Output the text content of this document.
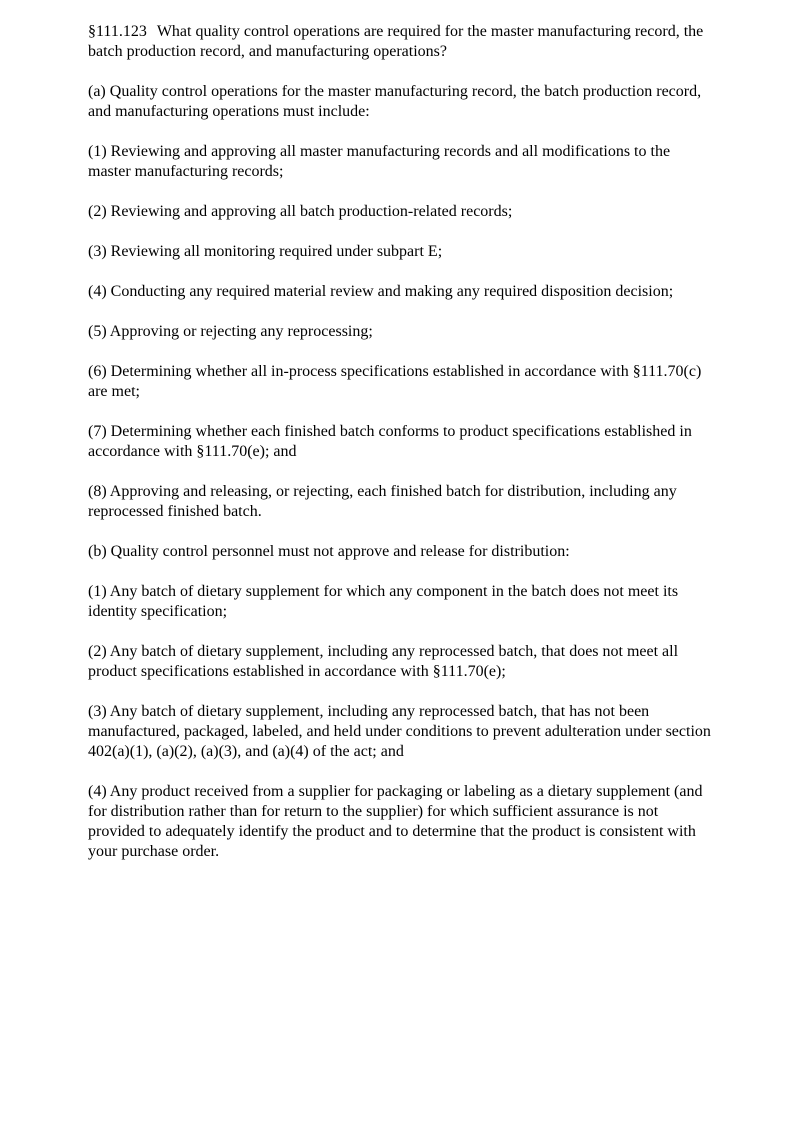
§111.123 What quality control operations are required for the master manufacturing record, the batch production record, and manufacturing operations?

(a) Quality control operations for the master manufacturing record, the batch production record, and manufacturing operations must include:

(1) Reviewing and approving all master manufacturing records and all modifications to the master manufacturing records;

(2) Reviewing and approving all batch production-related records;

(3) Reviewing all monitoring required under subpart E;

(4) Conducting any required material review and making any required disposition decision;

(5) Approving or rejecting any reprocessing;

(6) Determining whether all in-process specifications established in accordance with §111.70(c) are met;

(7) Determining whether each finished batch conforms to product specifications established in accordance with §111.70(e); and

(8) Approving and releasing, or rejecting, each finished batch for distribution, including any reprocessed finished batch.

(b) Quality control personnel must not approve and release for distribution:

(1) Any batch of dietary supplement for which any component in the batch does not meet its identity specification;

(2) Any batch of dietary supplement, including any reprocessed batch, that does not meet all product specifications established in accordance with §111.70(e);

(3) Any batch of dietary supplement, including any reprocessed batch, that has not been manufactured, packaged, labeled, and held under conditions to prevent adulteration under section 402(a)(1), (a)(2), (a)(3), and (a)(4) of the act; and

(4) Any product received from a supplier for packaging or labeling as a dietary supplement (and for distribution rather than for return to the supplier) for which sufficient assurance is not provided to adequately identify the product and to determine that the product is consistent with your purchase order.
